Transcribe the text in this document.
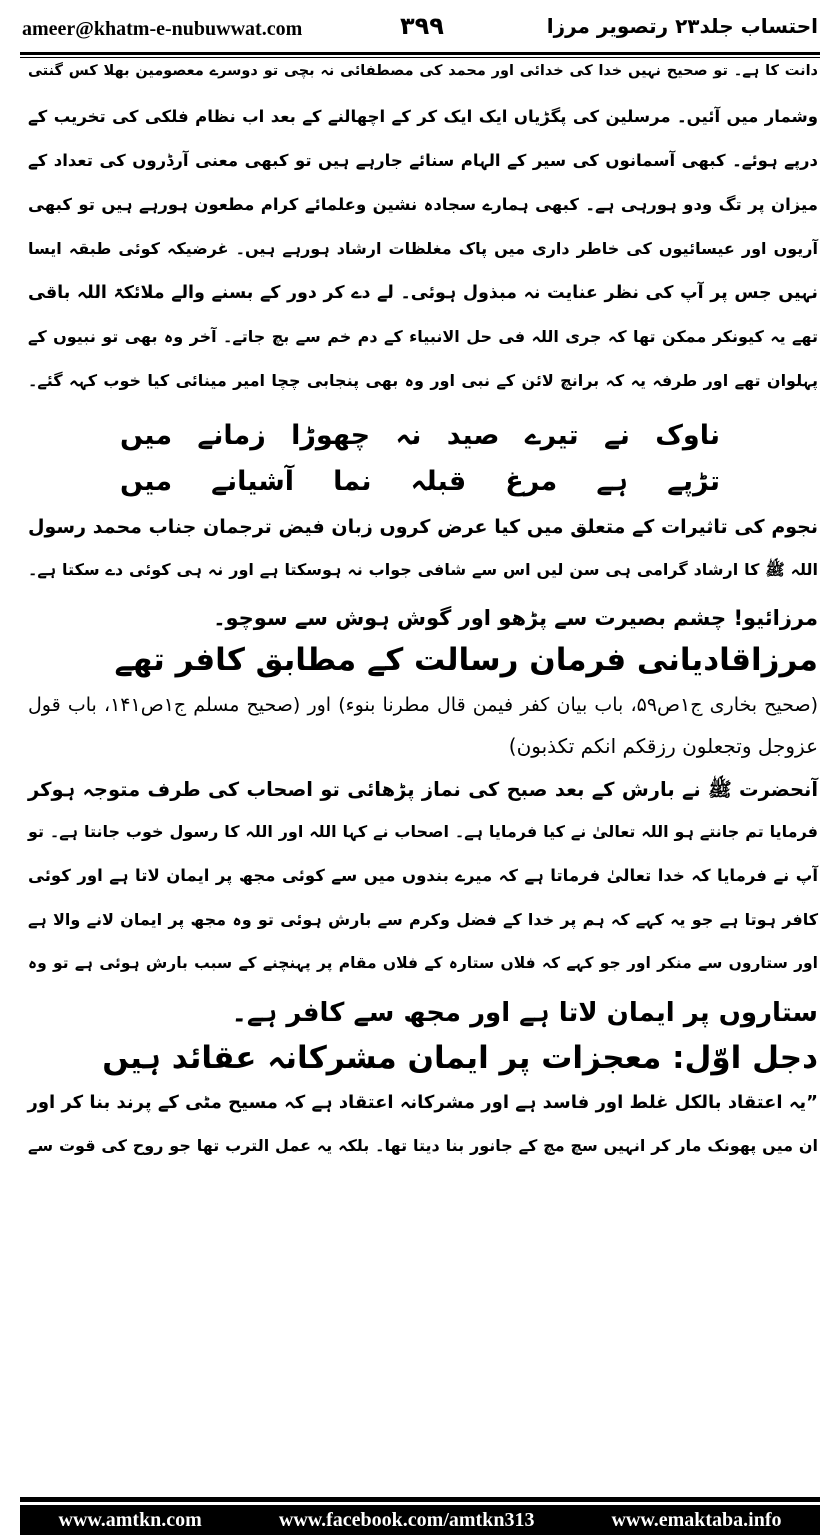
ameer@khatm-e-nubuwwat.com	۳۹۹	احتساب جلد۲۳ رتصویر مرزا
دانت کا ہے۔ تو صحیح نہیں خدا کی خدائی اور محمد کی مصطفائی نہ بچی تو دوسرے معصومین بھلا کس گنتی
وشمار میں آئیں۔ مرسلین کی پگڑیاں ایک ایک کر کے اچھالنے کے بعد اب نظام فلکی کی تخریب کے
درپے ہوئے۔ کبھی آسمانوں کی سیر کے الہام سنائے جارہے ہیں تو کبھی معنی آرڈروں کی تعداد کے
میزان پر تگ ودو ہورہی ہے۔ کبھی ہمارے سجادہ نشین وعلمائے کرام مطعون ہورہے ہیں تو کبھی
آریوں اور عیسائیوں کی خاطر داری میں پاک مغلظات ارشاد ہورہے ہیں۔ غرضیکہ کوئی طبقہ ایسا
نہیں جس پر آپ کی نظر عنایت نہ مبذول ہوئی۔ لے دے کر دور کے بسنے والے ملائکۃ اللہ باقی
تھے یہ کیونکر ممکن تھا کہ جری اللہ فی حل الانبیاء کے دم خم سے بچ جاتے۔ آخر وہ بھی تو نبیوں کے
پہلوان تھے اور طرفہ یہ کہ برانچ لائن کے نبی اور وہ بھی پنجابی چچا امیر مینائی کیا خوب کہہ گئے۔
ناوک نے تیرے صید نہ چھوڑا زمانے میں
تڑپے ہے مرغ قبلہ نما آشیانے میں
نجوم کی تاثیرات کے متعلق میں کیا عرض کروں زبان فیض ترجمان جناب محمد رسول
اللہ ﷺ کا ارشاد گرامی ہی سن لیں اس سے شافی جواب نہ ہوسکتا ہے اور نہ ہی کوئی دے سکتا ہے۔
مرزائیو! چشم بصیرت سے پڑھو اور گوش ہوش سے سوچو۔
مرزاقادیانی فرمان رسالت کے مطابق کافر تھے
(صحیح بخاری ج۱ص۵۹، باب بیان کفر فیمن قال مطرنا بنوء) اور (صحیح مسلم ج۱ص۱۴۱، باب قول
عزوجل وتجعلون رزقکم انکم تکذبون)
آنحضرت ﷺ نے بارش کے بعد صبح کی نماز پڑھائی تو اصحاب کی طرف متوجہ ہوکر
فرمایا تم جانتے ہو اللہ تعالیٰ نے کیا فرمایا ہے۔ اصحاب نے کہا اللہ اور اللہ کا رسول خوب جانتا ہے۔ تو
آپ نے فرمایا کہ خدا تعالیٰ فرماتا ہے کہ میرے بندوں میں سے کوئی مجھ پر ایمان لاتا ہے اور کوئی
کافر ہوتا ہے جو یہ کہے کہ ہم پر خدا کے فضل وکرم سے بارش ہوئی تو وہ مجھ پر ایمان لانے والا ہے
اور ستاروں سے منکر اور جو کہے کہ فلاں ستارہ کے فلاں مقام پر پہنچنے کے سبب بارش ہوئی ہے تو وہ
ستاروں پر ایمان لاتا ہے اور مجھ سے کافر ہے۔
دجل اوّل: معجزات پر ایمان مشرکانہ عقائد ہیں
”یہ اعتقاد بالکل غلط اور فاسد ہے اور مشرکانہ اعتقاد ہے کہ مسیح مٹی کے پرند بنا کر اور
ان میں پھونک مار کر انہیں سچ مچ کے جانور بنا دیتا تھا۔ بلکہ یہ عمل الترب تھا جو روح کی قوت سے
www.amtkn.com	www.facebook.com/amtkn313	www.emaktaba.info
